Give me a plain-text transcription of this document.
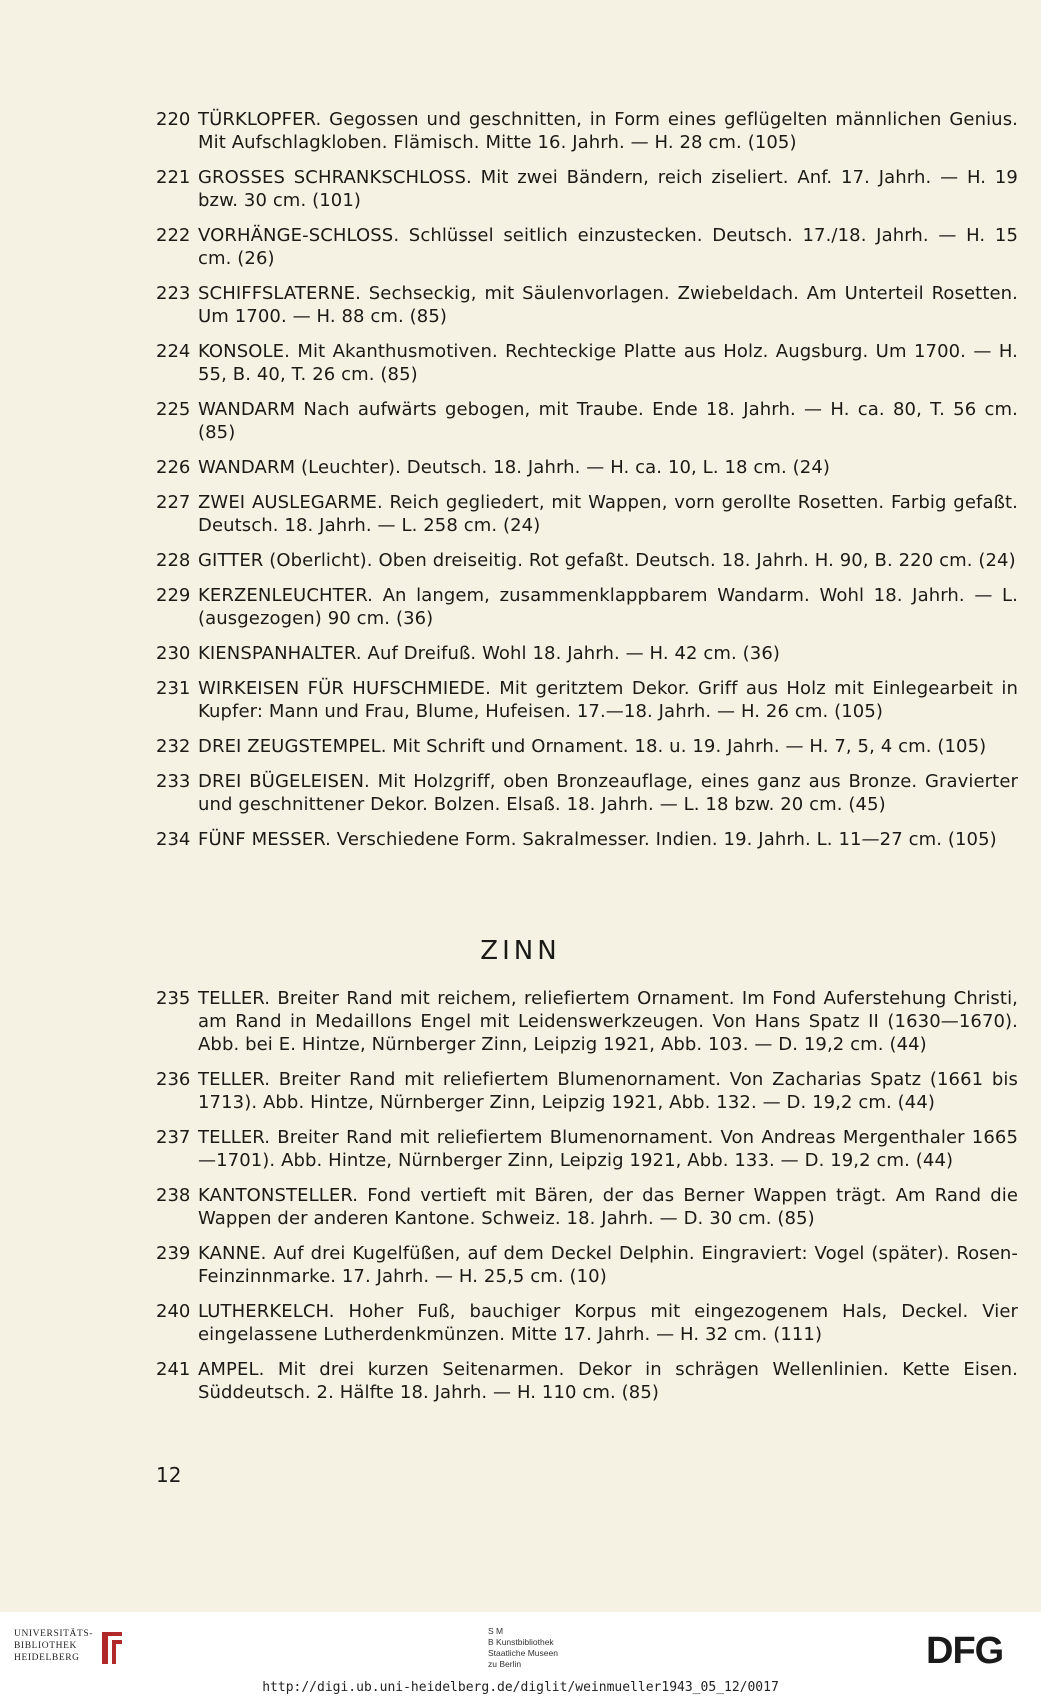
220 TÜRKLOPFER. Gegossen und geschnitten, in Form eines geflügelten männlichen Genius. Mit Aufschlagkloben. Flämisch. Mitte 16. Jahrh. — H. 28 cm. (105)
221 GROSSES SCHRANKSCHLOSS. Mit zwei Bändern, reich ziseliert. Anf. 17. Jahrh. — H. 19 bzw. 30 cm. (101)
222 VORHÄNGE-SCHLOSS. Schlüssel seitlich einzustecken. Deutsch. 17./18. Jahrh. — H. 15 cm. (26)
223 SCHIFFSLATERNE. Sechseckig, mit Säulenvorlagen. Zwiebeldach. Am Unterteil Rosetten. Um 1700. — H. 88 cm. (85)
224 KONSOLE. Mit Akanthusmotiven. Rechteckige Platte aus Holz. Augsburg. Um 1700. — H. 55, B. 40, T. 26 cm. (85)
225 WANDARM Nach aufwärts gebogen, mit Traube. Ende 18. Jahrh. — H. ca. 80, T. 56 cm. (85)
226 WANDARM (Leuchter). Deutsch. 18. Jahrh. — H. ca. 10, L. 18 cm. (24)
227 ZWEI AUSLEGARME. Reich gegliedert, mit Wappen, vorn gerollte Rosetten. Farbig gefaßt. Deutsch. 18. Jahrh. — L. 258 cm. (24)
228 GITTER (Oberlicht). Oben dreiseitig. Rot gefaßt. Deutsch. 18. Jahrh. H. 90, B. 220 cm. (24)
229 KERZENLEUCHTER. An langem, zusammenklappbarem Wandarm. Wohl 18. Jahrh. — L. (ausgezogen) 90 cm. (36)
230 KIENSPANHALTER. Auf Dreifuß. Wohl 18. Jahrh. — H. 42 cm. (36)
231 WIRKEISEN FÜR HUFSCHMIEDE. Mit geritztem Dekor. Griff aus Holz mit Einlegearbeit in Kupfer: Mann und Frau, Blume, Hufeisen. 17.—18. Jahrh. — H. 26 cm. (105)
232 DREI ZEUGSTEMPEL. Mit Schrift und Ornament. 18. u. 19. Jahrh. — H. 7, 5, 4 cm. (105)
233 DREI BÜGELEISEN. Mit Holzgriff, oben Bronzeauflage, eines ganz aus Bronze. Gravierter und geschnittener Dekor. Bolzen. Elsaß. 18. Jahrh. — L. 18 bzw. 20 cm. (45)
234 FÜNF MESSER. Verschiedene Form. Sakralmesser. Indien. 19. Jahrh. L. 11—27 cm. (105)
ZINN
235 TELLER. Breiter Rand mit reichem, reliefiertem Ornament. Im Fond Auferstehung Christi, am Rand in Medaillons Engel mit Leidenswerkzeugen. Von Hans Spatz II (1630—1670). Abb. bei E. Hintze, Nürnberger Zinn, Leipzig 1921, Abb. 103. — D. 19,2 cm. (44)
236 TELLER. Breiter Rand mit reliefiertem Blumenornament. Von Zacharias Spatz (1661 bis 1713). Abb. Hintze, Nürnberger Zinn, Leipzig 1921, Abb. 132. — D. 19,2 cm. (44)
237 TELLER. Breiter Rand mit reliefiertem Blumenornament. Von Andreas Mergenthaler 1665—1701). Abb. Hintze, Nürnberger Zinn, Leipzig 1921, Abb. 133. — D. 19,2 cm. (44)
238 KANTONSTELLER. Fond vertieft mit Bären, der das Berner Wappen trägt. Am Rand die Wappen der anderen Kantone. Schweiz. 18. Jahrh. — D. 30 cm. (85)
239 KANNE. Auf drei Kugelfüßen, auf dem Deckel Delphin. Eingraviert: Vogel (später). Rosen-Feinzinnmarke. 17. Jahrh. — H. 25,5 cm. (10)
240 LUTHERKELCH. Hoher Fuß, bauchiger Korpus mit eingezogenem Hals, Deckel. Vier eingelassene Lutherdenkmünzen. Mitte 17. Jahrh. — H. 32 cm. (111)
241 AMPEL. Mit drei kurzen Seitenarmen. Dekor in schrägen Wellenlinien. Kette Eisen. Süddeutsch. 2. Hälfte 18. Jahrh. — H. 110 cm. (85)
12
UNIVERSITÄTS-
BIBLIOTHEK
HEIDELBERG
S M
B Kunstbibliothek
Staatliche Museen
zu Berlin	DFG
http://digi.ub.uni-heidelberg.de/diglit/weinmueller1943_05_12/0017
